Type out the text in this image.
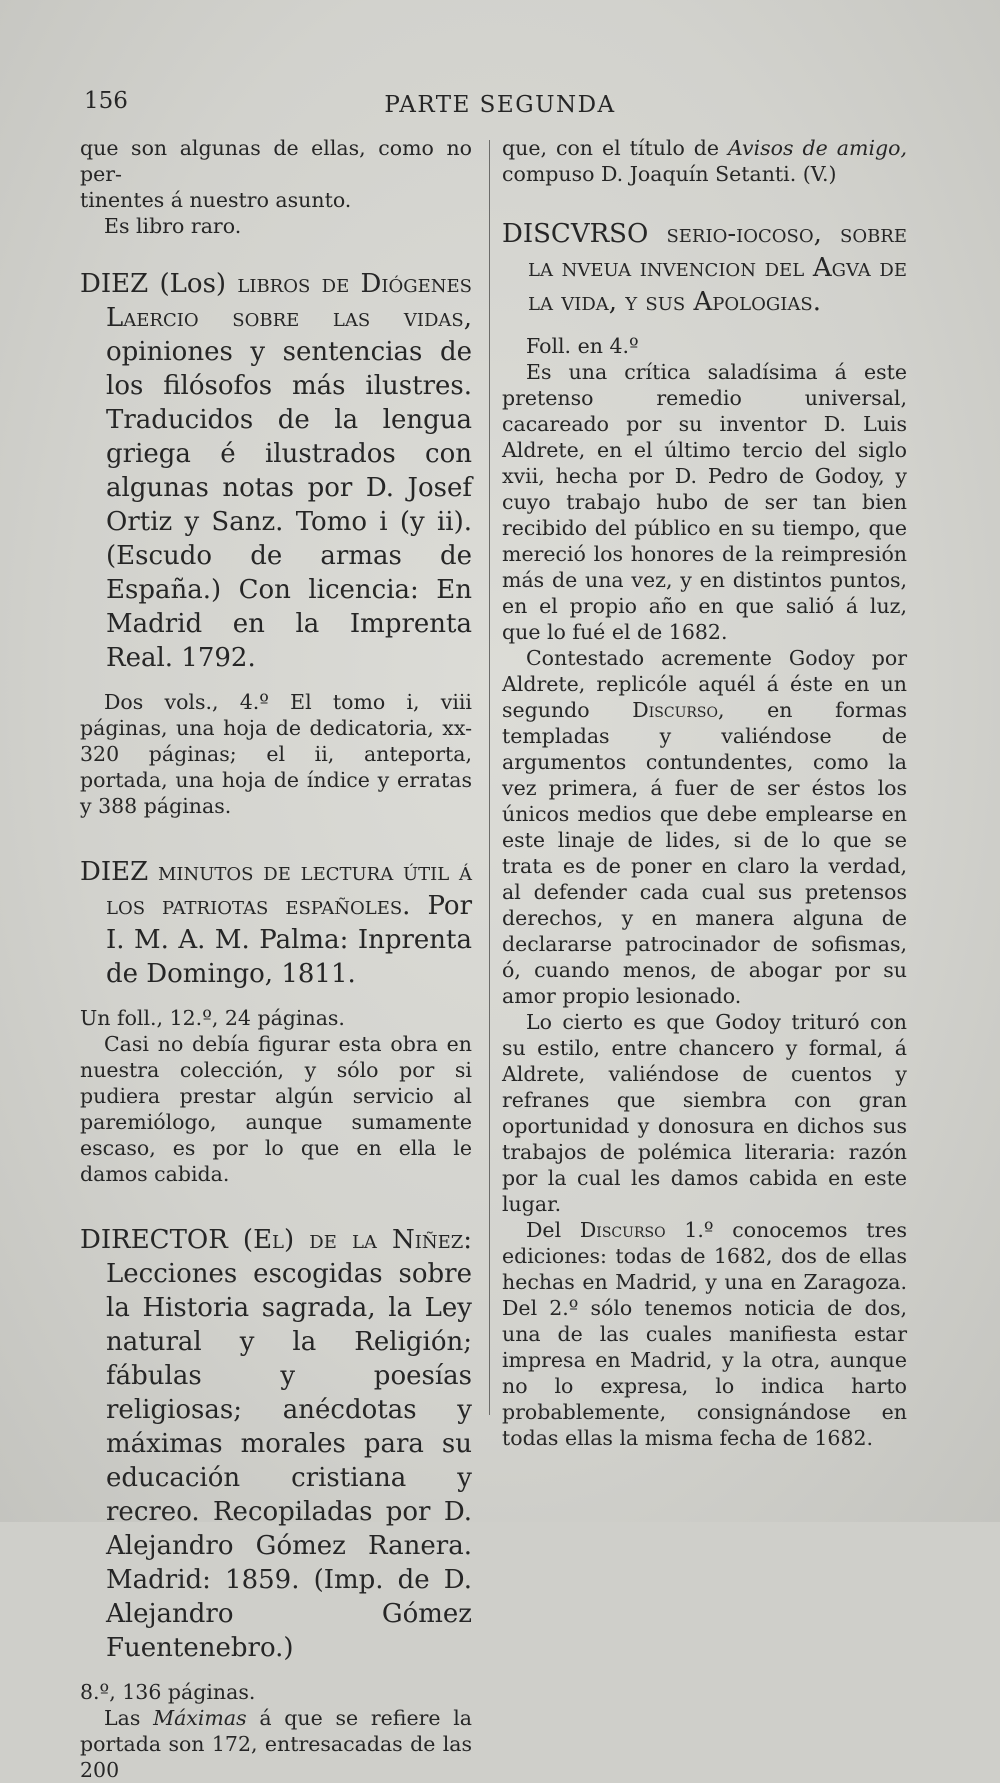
156	PARTE SEGUNDA

que son algunas de ellas, como no per-
tinentes á nuestro asunto.

Es libro raro.

DIEZ (Los) libros de Diógenes Laercio sobre las vidas, opiniones y sentencias de los filósofos más ilustres. Traducidos de la lengua griega é ilustrados con algunas notas por D. Josef Ortiz y Sanz. Tomo i (y ii). (Escudo de armas de España.) Con licencia: En Madrid en la Imprenta Real. 1792.

Dos vols., 4.º El tomo i, viii páginas, una hoja de dedicatoria, xx-320 páginas; el ii, anteporta, portada, una hoja de índice y erratas y 388 páginas.

DIEZ minutos de lectura útil á los patriotas españoles. Por I. M. A. M. Palma: Inprenta de Domingo, 1811.

Un foll., 12.º, 24 páginas.

Casi no debía figurar esta obra en nuestra colección, y sólo por si pudiera prestar algún servicio al paremiólogo, aunque sumamente escaso, es por lo que en ella le damos cabida.

DIRECTOR (El) de la Niñez: Lecciones escogidas sobre la Historia sagrada, la Ley natural y la Religión; fábulas y poesías religiosas; anécdotas y máximas morales para su educación cristiana y recreo. Recopiladas por D. Alejandro Gómez Ranera. Madrid: 1859. (Imp. de D. Alejandro Gómez Fuentenebro.)

8.º, 136 páginas.

Las Máximas á que se refiere la portada son 172, entresacadas de las 200

que, con el título de Avisos de amigo, compuso D. Joaquín Setanti. (V.)

DISCVRSO serio-iocoso, sobre la nveua invencion del Agva de la vida, y sus Apologias.

Foll. en 4.º

Es una crítica saladísima á este pretenso remedio universal, cacareado por su inventor D. Luis Aldrete, en el último tercio del siglo xvii, hecha por D. Pedro de Godoy, y cuyo trabajo hubo de ser tan bien recibido del público en su tiempo, que mereció los honores de la reimpresión más de una vez, y en distintos puntos, en el propio año en que salió á luz, que lo fué el de 1682.

Contestado acremente Godoy por Aldrete, replicóle aquél á éste en un segundo Discurso, en formas templadas y valiéndose de argumentos contundentes, como la vez primera, á fuer de ser éstos los únicos medios que debe emplearse en este linaje de lides, si de lo que se trata es de poner en claro la verdad, al defender cada cual sus pretensos derechos, y en manera alguna de declararse patrocinador de sofismas, ó, cuando menos, de abogar por su amor propio lesionado.

Lo cierto es que Godoy trituró con su estilo, entre chancero y formal, á Aldrete, valiéndose de cuentos y refranes que siembra con gran oportunidad y donosura en dichos sus trabajos de polémica literaria: razón por la cual les damos cabida en este lugar.

Del Discurso 1.º conocemos tres ediciones: todas de 1682, dos de ellas hechas en Madrid, y una en Zaragoza. Del 2.º sólo tenemos noticia de dos, una de las cuales manifiesta estar impresa en Madrid, y la otra, aunque no lo expresa, lo indica harto probablemente, consignándose en todas ellas la misma fecha de 1682.
